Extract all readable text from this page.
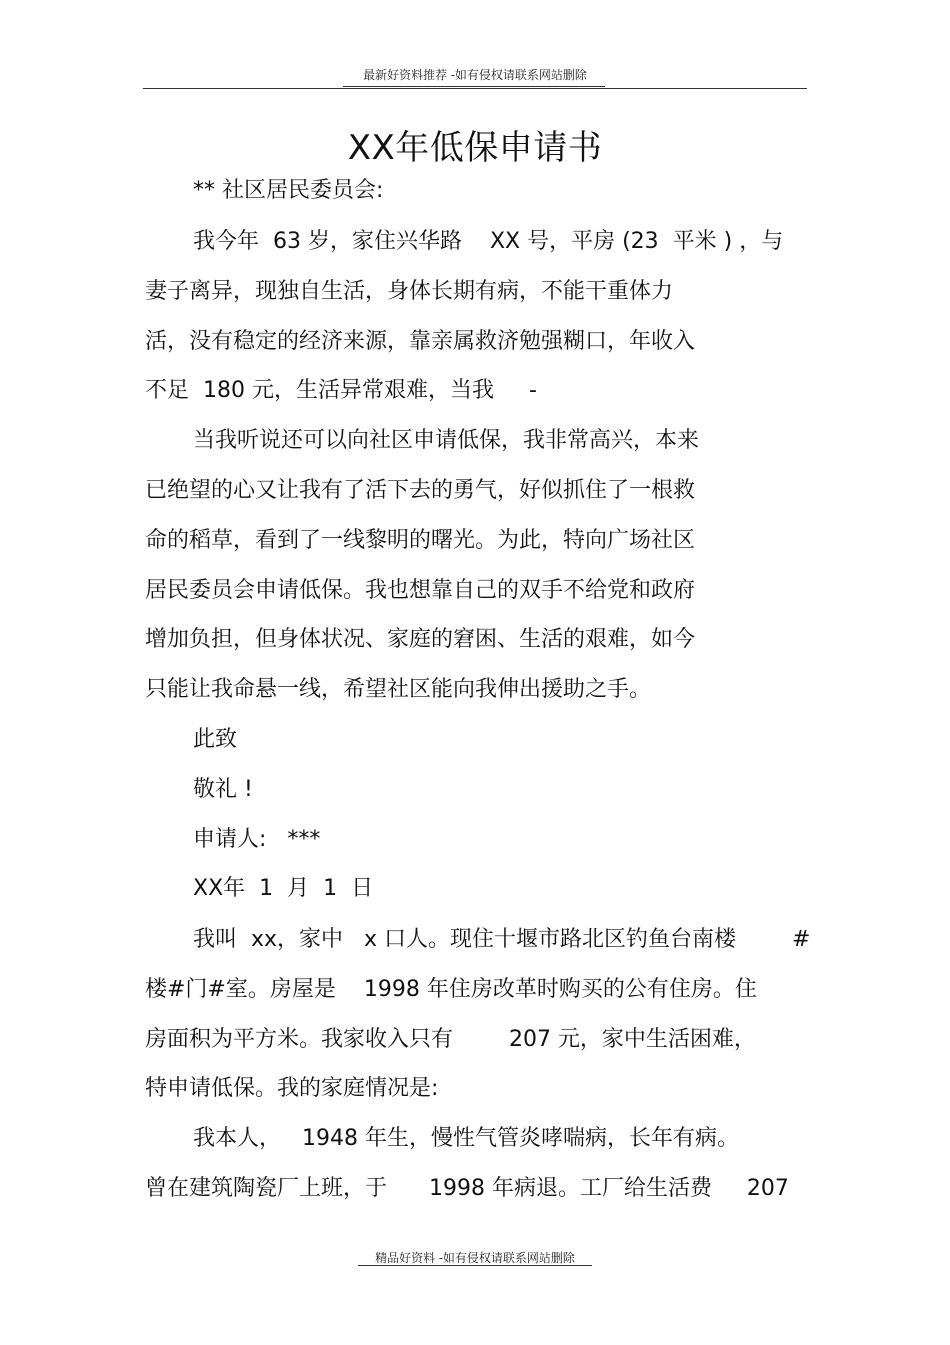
最新好资料推荐 -如有侵权请联系网站删除
XX年低保申请书
** 社区居民委员会:
我今年  63 岁，家住兴华路    XX 号，平房 (23  平米 ) ，与
妻子离异，现独自生活，身体长期有病，不能干重体力
活，没有稳定的经济来源，靠亲属救济勉强糊口，年收入
不足  180 元，生活异常艰难，当我     -
当我听说还可以向社区申请低保，我非常高兴，本来
已绝望的心又让我有了活下去的勇气，好似抓住了一根救
命的稻草，看到了一线黎明的曙光。为此，特向广场社区
居民委员会申请低保。我也想靠自己的双手不给党和政府
增加负担，但身体状况、家庭的窘困、生活的艰难，如今
只能让我命悬一线，希望社区能向我伸出援助之手。
此致
敬礼 !
申请人:   ***
XX年  1  月  1  日
我叫  xx，家中   x 口人。现住十堰市路北区钓鱼台南楼        #
楼#门#室。房屋是    1998 年住房改革时购买的公有住房。住
房面积为平方米。我家收入只有        207 元，家中生活困难，
特申请低保。我的家庭情况是:
我本人，   1948 年生，慢性气管炎哮喘病，长年有病。
曾在建筑陶瓷厂上班，于      1998 年病退。工厂给生活费     207
精品好资料 -如有侵权请联系网站删除
